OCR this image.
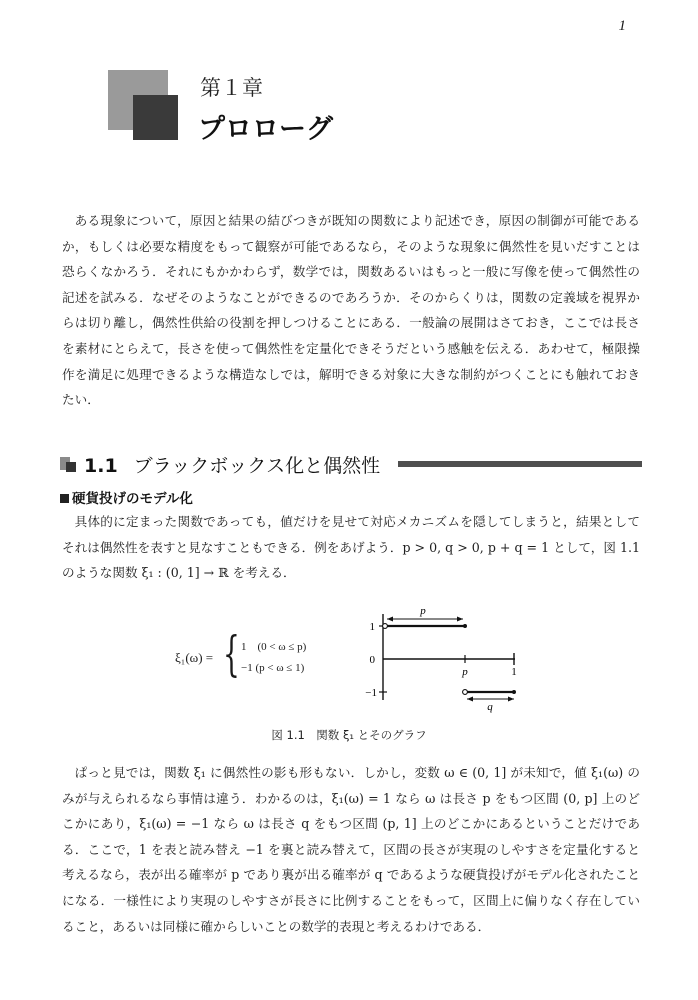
1
第１章
プロローグ

ある現象について，原因と結果の結びつきが既知の関数により記述でき，原因の制御が可能であるか，もしくは必要な精度をもって観察が可能であるなら，そのような現象に偶然性を見いだすことは恐らくなかろう．それにもかかわらず，数学では，関数あるいはもっと一般に写像を使って偶然性の記述を試みる．なぜそのようなことができるのであろうか．そのからくりは，関数の定義域を視界からは切り離し，偶然性供給の役割を押しつけることにある．一般論の展開はさておき，ここでは長さを素材にとらえて，長さを使って偶然性を定量化できそうだという感触を伝える．あわせて，極限操作を満足に処理できるような構造なしでは，解明できる対象に大きな制約がつくことにも触れておきたい．

1.1 ブラックボックス化と偶然性
硬貨投げのモデル化

具体的に定まった関数であっても，値だけを見せて対応メカニズムを隠してしまうと，結果としてそれは偶然性を表すと見なすこともできる．例をあげよう．p > 0, q > 0, p + q = 1 として，図 1.1 のような関数 ξ₁ : (0, 1] → ℝ を考える．

ξ₁(ω) = { 1　(0 < ω ≤ p)
−1 (p < ω ≤ 1)
p
q
1
0
−1
p	1
図 1.1　関数 ξ₁ とそのグラフ

ぱっと見では，関数 ξ₁ に偶然性の影も形もない．しかし，変数 ω ∈ (0, 1] が未知で，値 ξ₁(ω) のみが与えられるなら事情は違う．わかるのは，ξ₁(ω) = 1 なら ω は長さ p をもつ区間 (0, p] 上のどこかにあり，ξ₁(ω) = −1 なら ω は長さ q をもつ区間 (p, 1] 上のどこかにあるということだけである．ここで，1 を表と読み替え −1 を裏と読み替えて，区間の長さが実現のしやすさを定量化すると考えるなら，表が出る確率が p であり裏が出る確率が q であるような硬貨投げがモデル化されたことになる．一様性により実現のしやすさが長さに比例することをもって，区間上に偏りなく存在していること，あるいは同様に確からしいことの数学的表現と考えるわけである．
